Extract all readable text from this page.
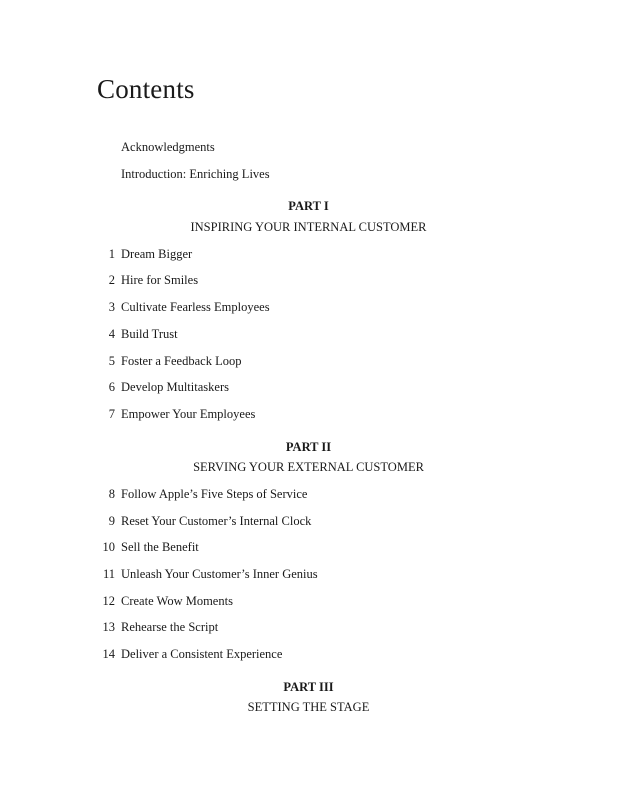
Contents
Acknowledgments
Introduction: Enriching Lives
PART I
INSPIRING YOUR INTERNAL CUSTOMER
1 Dream Bigger
2 Hire for Smiles
3 Cultivate Fearless Employees
4 Build Trust
5 Foster a Feedback Loop
6 Develop Multitaskers
7 Empower Your Employees
PART II
SERVING YOUR EXTERNAL CUSTOMER
8 Follow Apple’s Five Steps of Service
9 Reset Your Customer’s Internal Clock
10 Sell the Benefit
11 Unleash Your Customer’s Inner Genius
12 Create Wow Moments
13 Rehearse the Script
14 Deliver a Consistent Experience
PART III
SETTING THE STAGE
